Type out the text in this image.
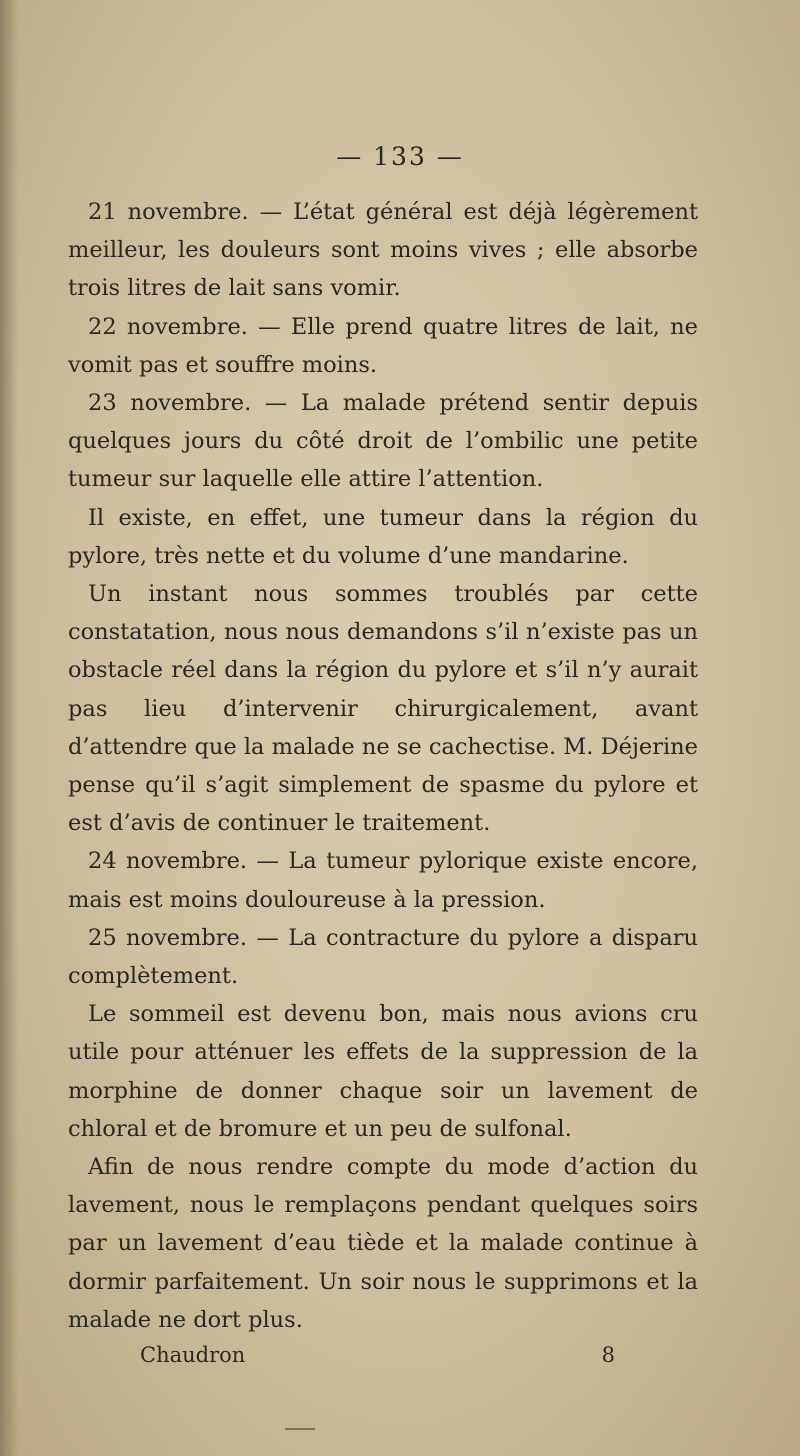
— 133 —

21 novembre. — L’état général est déjà légèrement meilleur, les douleurs sont moins vives ; elle absorbe trois litres de lait sans vomir.

22 novembre. — Elle prend quatre litres de lait, ne vomit pas et souffre moins.

23 novembre. — La malade prétend sentir depuis quelques jours du côté droit de l’ombilic une petite tumeur sur laquelle elle attire l’attention.

Il existe, en effet, une tumeur dans la région du pylore, très nette et du volume d’une mandarine.

Un instant nous sommes troublés par cette constatation, nous nous demandons s’il n’existe pas un obstacle réel dans la région du pylore et s’il n’y aurait pas lieu d’intervenir chirurgicalement, avant d’attendre que la malade ne se cachectise. M. Déjerine pense qu’il s’agit simplement de spasme du pylore et est d’avis de continuer le traitement.

24 novembre. — La tumeur pylorique existe encore, mais est moins douloureuse à la pression.

25 novembre. — La contracture du pylore a disparu complètement.

Le sommeil est devenu bon, mais nous avions cru utile pour atténuer les effets de la suppression de la morphine de donner chaque soir un lavement de chloral et de bromure et un peu de sulfonal.

Afin de nous rendre compte du mode d’action du lavement, nous le remplaçons pendant quelques soirs par un lavement d’eau tiède et la malade continue à dormir parfaitement. Un soir nous le supprimons et la malade ne dort plus.

Chaudron	8
